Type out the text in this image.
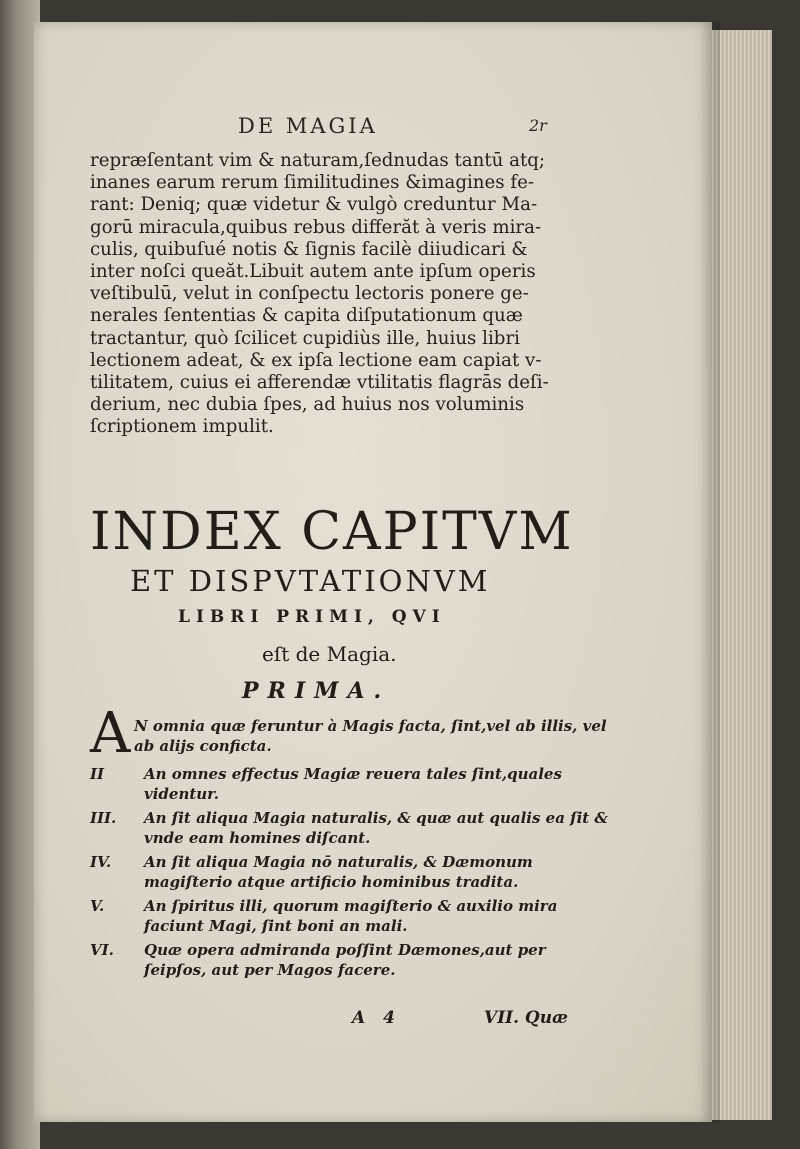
DE MAGIA	2r
repræſentant vim & naturam,ſednudas tantū atq;
inanes earum rerum ſimilitudines &imagines fe-
rant: Deniq; quæ videtur & vulgò creduntur Ma-
gorū miracula,quibus rebus differăt à veris mira-
culis, quibuſué notis & ſignis facilè diiudicari &
inter noſci queăt.Libuit autem ante ipſum operis
veſtibulū, velut in conſpectu lectoris ponere ge-
nerales ſententias & capita diſputationum quæ
tractantur, quò ſcilicet cupidiùs ille, huius libri
lectionem adeat, & ex ipſa lectione eam capiat v-
tilitatem, cuius ei afferendæ vtilitatis flagrās deſi-
derium, nec dubia ſpes, ad huius nos voluminis
ſcriptionem impulit.
INDEX CAPITVM
ET DISPVTATIONVM
LIBRI PRIMI, QVI
eſt de Magia.
PRIMA.
A N omnia quæ feruntur à Magis facta, ſint,vel ab illis, vel ab alijs conficta.
II	An omnes effectus Magiæ reuera tales ſint,quales videntur.
III.	An ſit aliqua Magia naturalis, & quæ aut qualis ea ſit & vnde eam homines diſcant.
IV.	An ſit aliqua Magia nō naturalis, & Dæmonum magiſterio atque artificio hominibus tradita.
V.	An ſpiritus illi, quorum magiſterio & auxilio mira faciunt Magi, ſint boni an mali.
VI.	Quæ opera admiranda poſſint Dæmones,aut per ſeipſos, aut per Magos facere.
A 4	VII. Quæ
